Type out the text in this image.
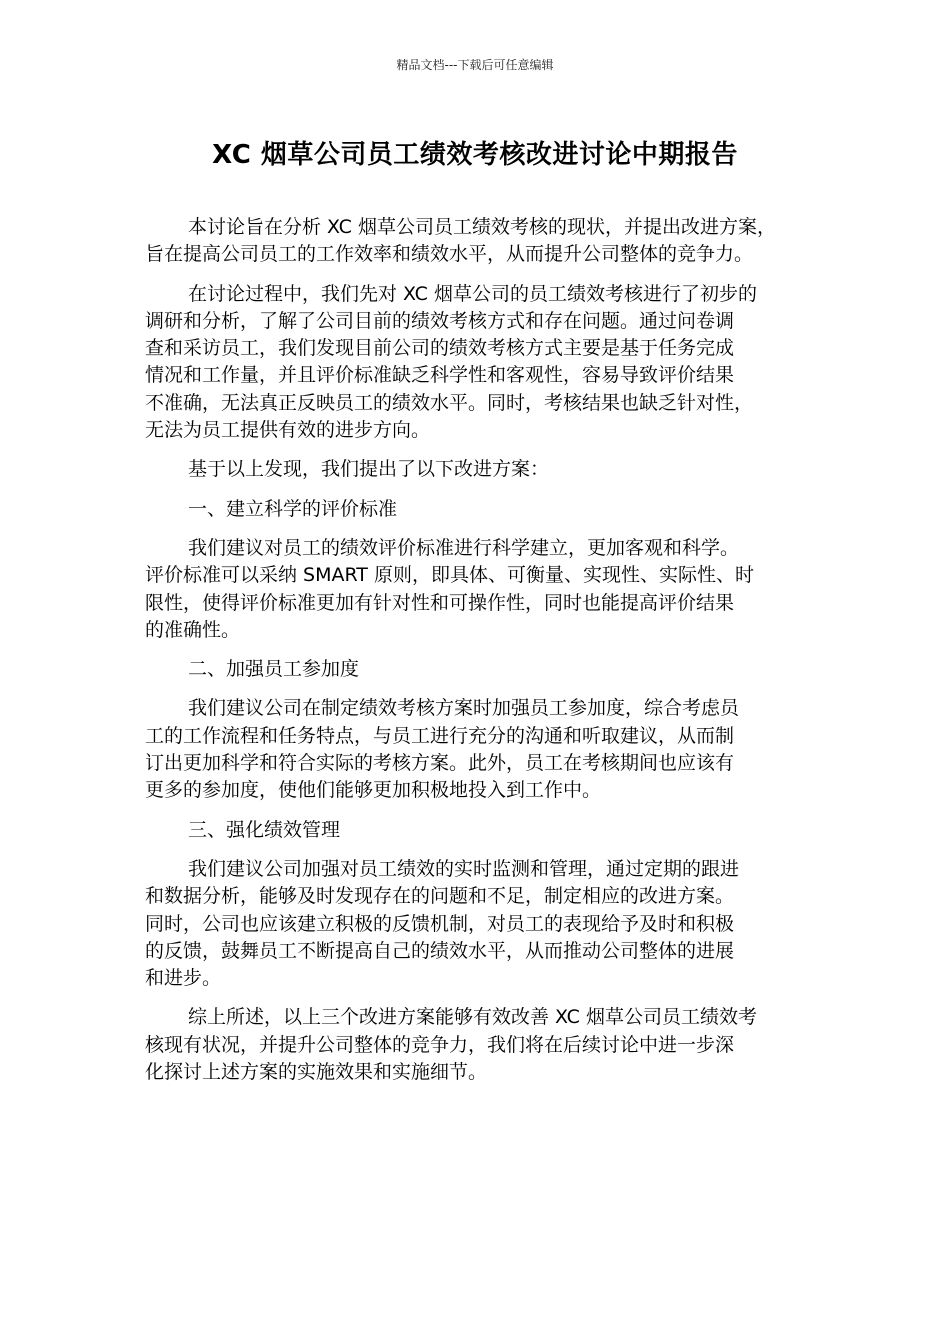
精品文档---下载后可任意编辑
XC 烟草公司员工绩效考核改进讨论中期报告

本讨论旨在分析 XC 烟草公司员工绩效考核的现状，并提出改进方案，
旨在提高公司员工的工作效率和绩效水平，从而提升公司整体的竞争力。

在讨论过程中，我们先对 XC 烟草公司的员工绩效考核进行了初步的
调研和分析，了解了公司目前的绩效考核方式和存在问题。通过问卷调
查和采访员工，我们发现目前公司的绩效考核方式主要是基于任务完成
情况和工作量，并且评价标准缺乏科学性和客观性，容易导致评价结果
不准确，无法真正反映员工的绩效水平。同时，考核结果也缺乏针对性，
无法为员工提供有效的进步方向。

基于以上发现，我们提出了以下改进方案：

一、建立科学的评价标准

我们建议对员工的绩效评价标准进行科学建立，更加客观和科学。
评价标准可以采纳 SMART 原则，即具体、可衡量、实现性、实际性、时
限性，使得评价标准更加有针对性和可操作性，同时也能提高评价结果
的准确性。

二、加强员工参加度

我们建议公司在制定绩效考核方案时加强员工参加度，综合考虑员
工的工作流程和任务特点，与员工进行充分的沟通和听取建议，从而制
订出更加科学和符合实际的考核方案。此外，员工在考核期间也应该有
更多的参加度，使他们能够更加积极地投入到工作中。

三、强化绩效管理

我们建议公司加强对员工绩效的实时监测和管理，通过定期的跟进
和数据分析，能够及时发现存在的问题和不足，制定相应的改进方案。
同时，公司也应该建立积极的反馈机制，对员工的表现给予及时和积极
的反馈，鼓舞员工不断提高自己的绩效水平，从而推动公司整体的进展
和进步。

综上所述，以上三个改进方案能够有效改善 XC 烟草公司员工绩效考
核现有状况，并提升公司整体的竞争力，我们将在后续讨论中进一步深
化探讨上述方案的实施效果和实施细节。
